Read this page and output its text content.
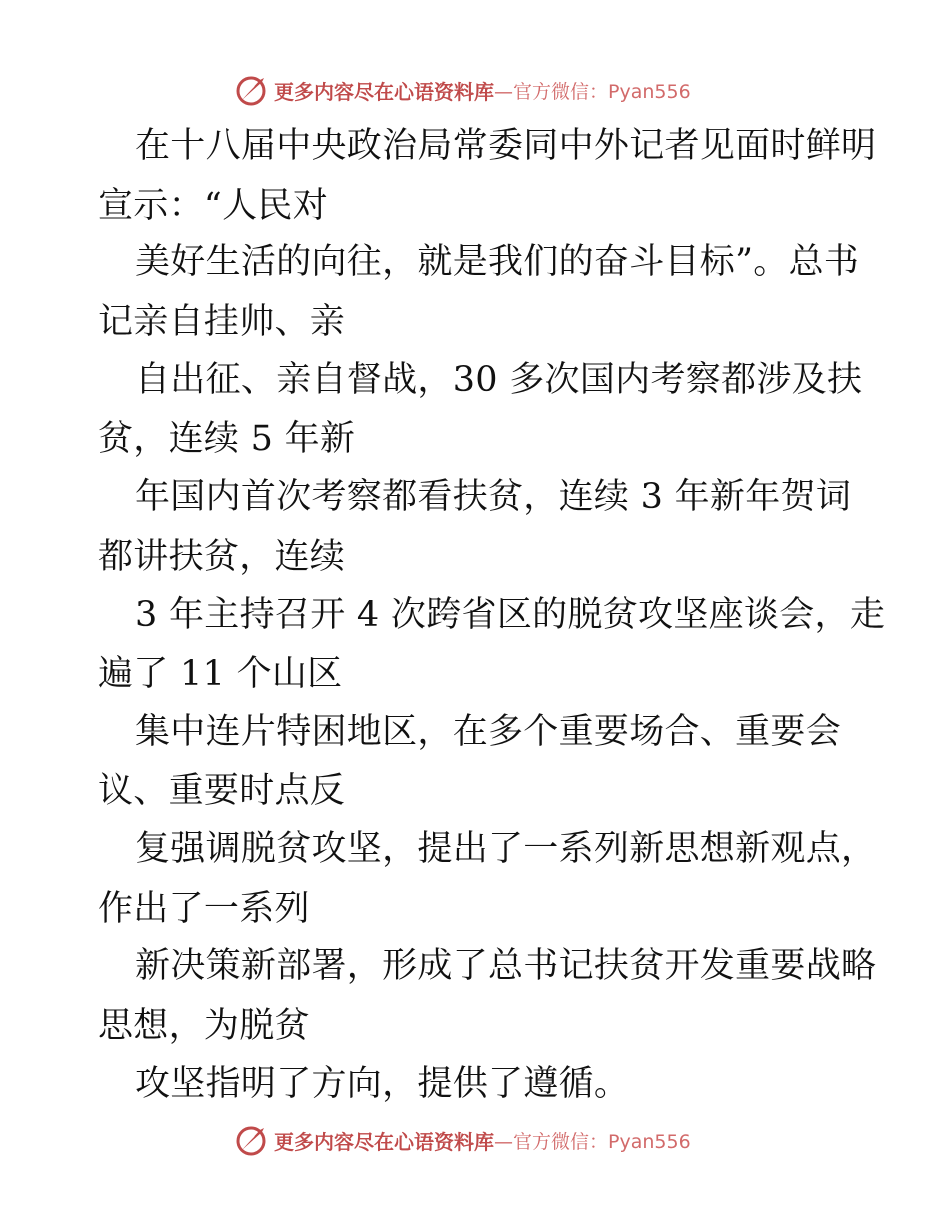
更多内容尽在心语资料库 —官方微信：Pyan556
在十八届中央政治局常委同中外记者见面时鲜明
宣示：“人民对
美好生活的向往，就是我们的奋斗目标”。总书
记亲自挂帅、亲
自出征、亲自督战，30 多次国内考察都涉及扶
贫，连续 5 年新
年国内首次考察都看扶贫，连续 3 年新年贺词
都讲扶贫，连续
3 年主持召开 4 次跨省区的脱贫攻坚座谈会，走
遍了 11 个山区
集中连片特困地区，在多个重要场合、重要会
议、重要时点反
复强调脱贫攻坚，提出了一系列新思想新观点，
作出了一系列
新决策新部署，形成了总书记扶贫开发重要战略
思想，为脱贫
攻坚指明了方向，提供了遵循。
更多内容尽在心语资料库 —官方微信：Pyan556
